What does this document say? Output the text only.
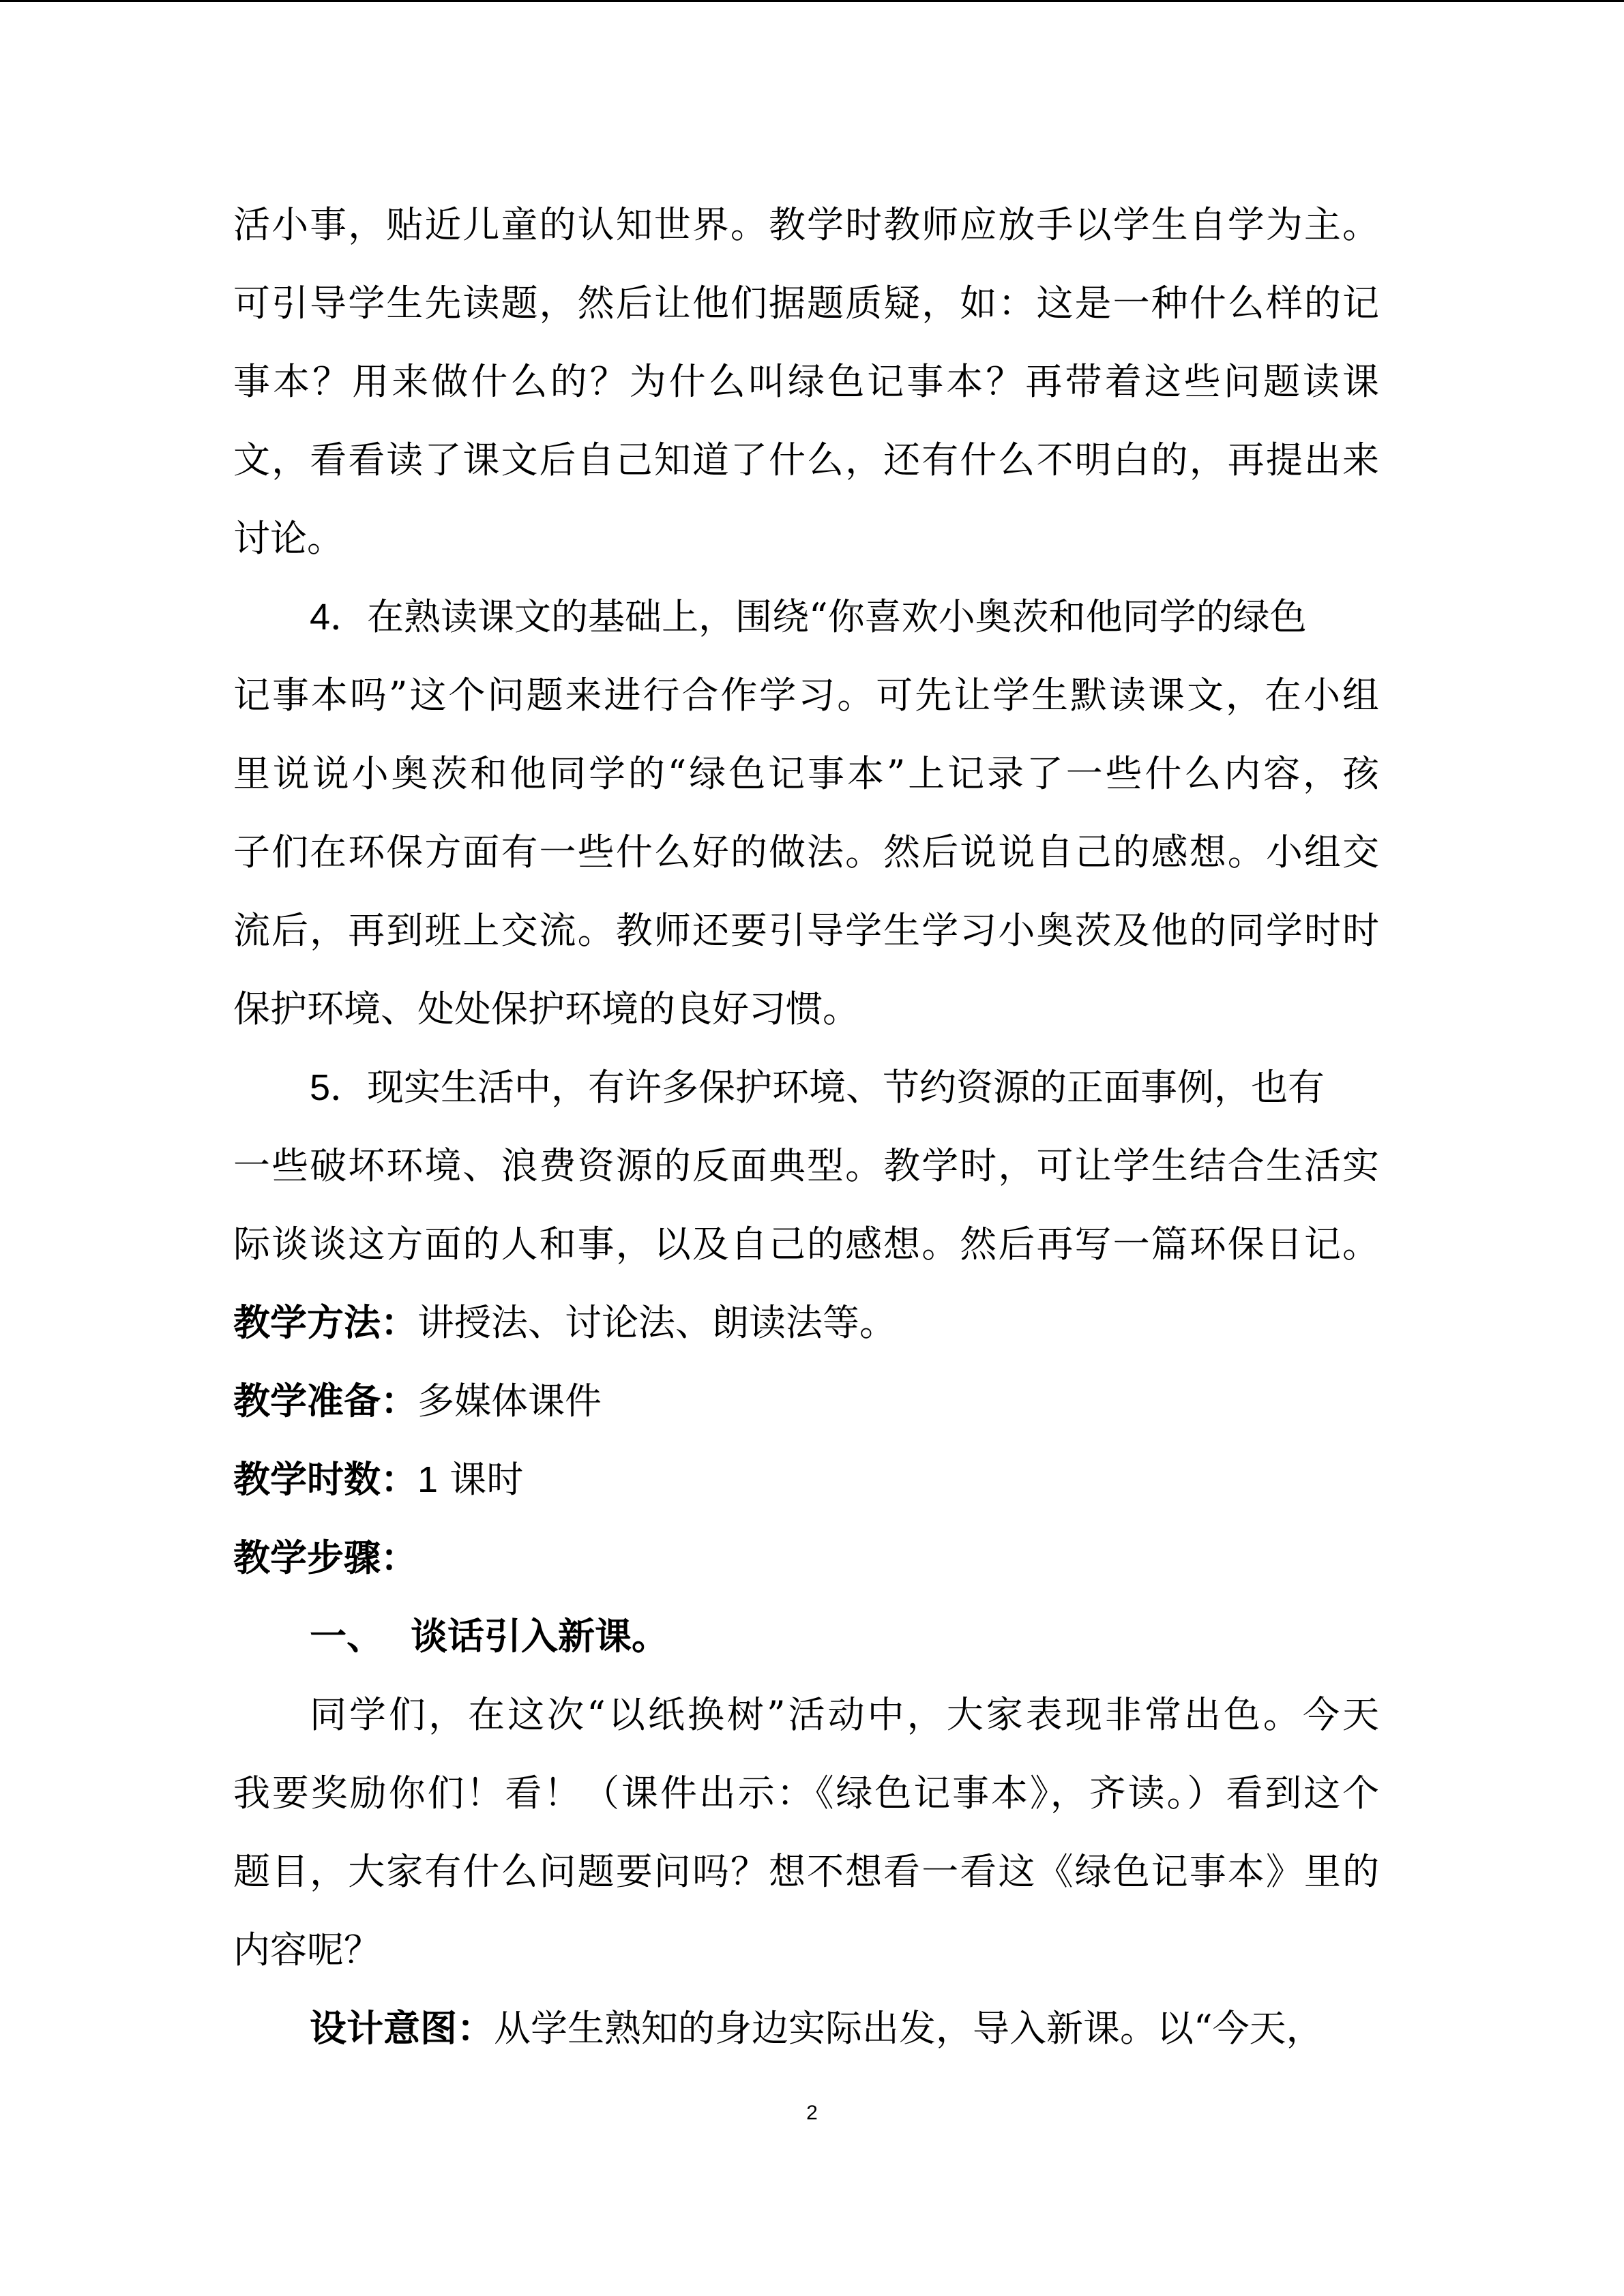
活小事，贴近儿童的认知世界。教学时教师应放手以学生自学为主。
可引导学生先读题，然后让他们据题质疑，如：这是一种什么样的记
事本？用来做什么的？为什么叫绿色记事本？再带着这些问题读课
文，看看读了课文后自己知道了什么，还有什么不明白的，再提出来
讨论。
4．在熟读课文的基础上，围绕“你喜欢小奥茨和他同学的绿色
记事本吗”这个问题来进行合作学习。可先让学生默读课文，在小组
里说说小奥茨和他同学的“绿色记事本”上记录了一些什么内容，孩
子们在环保方面有一些什么好的做法。然后说说自己的感想。小组交
流后，再到班上交流。教师还要引导学生学习小奥茨及他的同学时时
保护环境、处处保护环境的良好习惯。
5．现实生活中，有许多保护环境、节约资源的正面事例，也有
一些破坏环境、浪费资源的反面典型。教学时，可让学生结合生活实
际谈谈这方面的人和事，以及自己的感想。然后再写一篇环保日记。
教学方法：讲授法、讨论法、朗读法等。
教学准备：多媒体课件
教学时数：1 课时
教学步骤：
一、 谈话引入新课。
同学们，在这次“以纸换树”活动中，大家表现非常出色。今天
我要奖励你们！看！（课件出示：《绿色记事本》，齐读。）看到这个
题目，大家有什么问题要问吗？想不想看一看这《绿色记事本》里的
内容呢？
设计意图：从学生熟知的身边实际出发，导入新课。以“今天，
2
